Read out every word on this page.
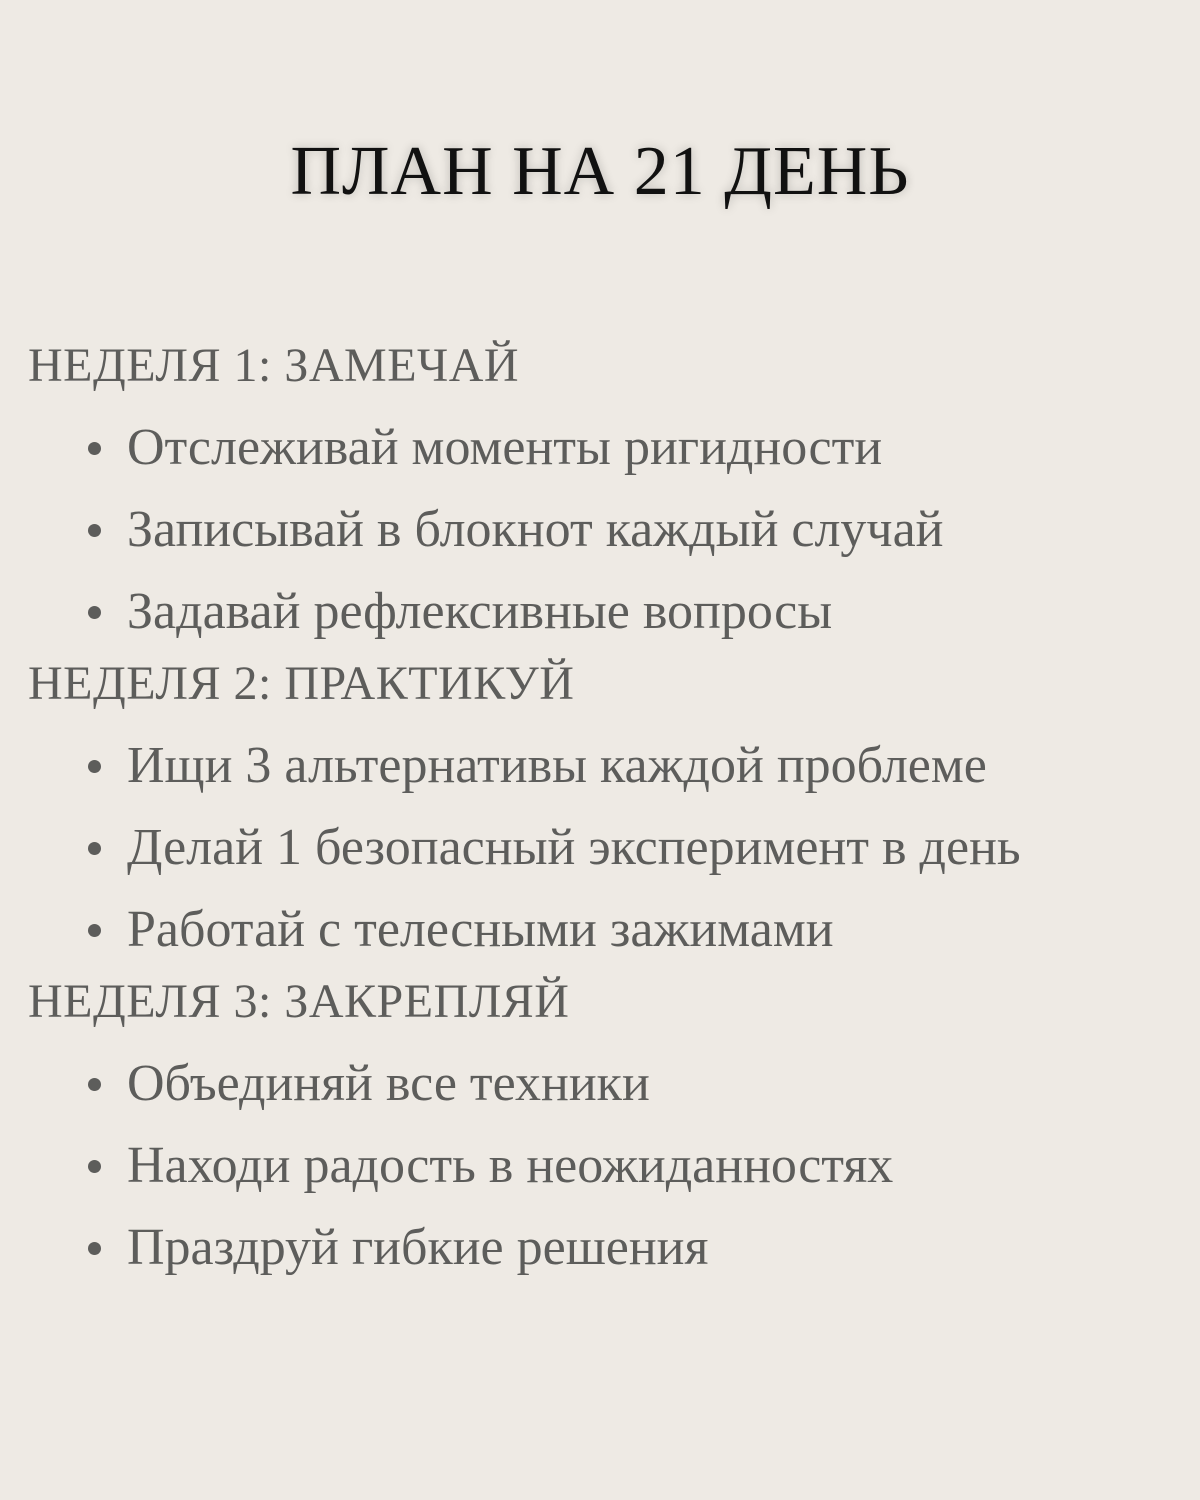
ПЛАН НА 21 ДЕНЬ
НЕДЕЛЯ 1: ЗАМЕЧАЙ
Отслеживай моменты ригидности
Записывай в блокнот каждый случай
Задавай рефлексивные вопросы
НЕДЕЛЯ 2: ПРАКТИКУЙ
Ищи 3 альтернативы каждой проблеме
Делай 1 безопасный эксперимент в день
Работай с телесными зажимами
НЕДЕЛЯ 3: ЗАКРЕПЛЯЙ
Объединяй все техники
Находи радость в неожиданностях
Праздруй гибкие решения
